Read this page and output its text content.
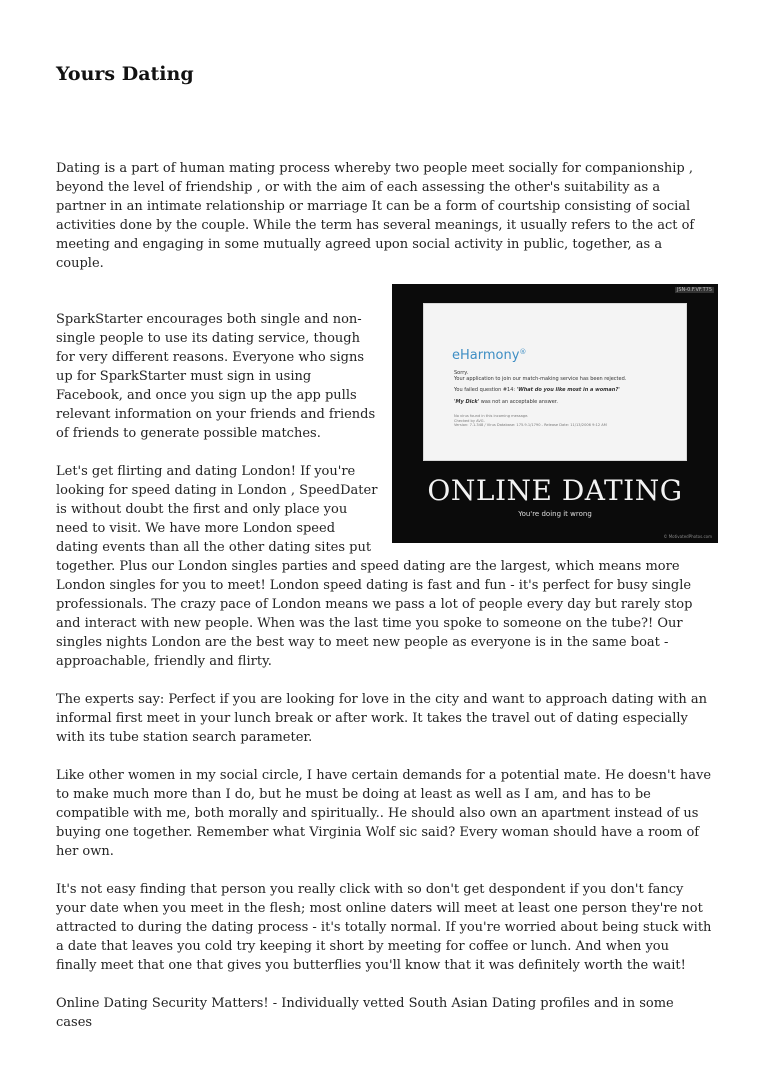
Yours Dating

Dating is a part of human mating process whereby two people meet socially for companionship , beyond the level of friendship , or with the aim of each assessing the other's suitability as a partner in an intimate relationship or marriage It can be a form of courtship consisting of social activities done by the couple. While the term has several meanings, it usually refers to the act of meeting and engaging in some mutually agreed upon social activity in public, together, as a couple.

JSN-0.F.VF.T75
eHarmony®
Sorry.
Your application to join our match-making service has been rejected.
You failed question #14: 'What do you like most in a woman?'
'My Dick' was not an acceptable answer.
No virus found in this incoming message.
Checked by AVG.
Version: 7.1.348 / Virus Database: 175.9.1/1790 - Release Date: 11/13/2006 9:12 AM
ONLINE DATING
You're doing it wrong
© MotivatedPhotos.com

SparkStarter encourages both single and non-single people to use its dating service, though for very different reasons. Everyone who signs up for SparkStarter must sign in using Facebook, and once you sign up the app pulls relevant information on your friends and friends of friends to generate possible matches.

Let's get flirting and dating London! If you're looking for speed dating in London , SpeedDater is without doubt the first and only place you need to visit. We have more London speed dating events than all the other dating sites put together. Plus our London singles parties and speed dating are the largest, which means more London singles for you to meet! London speed dating is fast and fun - it's perfect for busy single professionals. The crazy pace of London means we pass a lot of people every day but rarely stop and interact with new people. When was the last time you spoke to someone on the tube?! Our singles nights London are the best way to meet new people as everyone is in the same boat - approachable, friendly and flirty.

The experts say: Perfect if you are looking for love in the city and want to approach dating with an informal first meet in your lunch break or after work. It takes the travel out of dating especially with its tube station search parameter.

Like other women in my social circle, I have certain demands for a potential mate. He doesn't have to make much more than I do, but he must be doing at least as well as I am, and has to be compatible with me, both morally and spiritually.. He should also own an apartment instead of us buying one together. Remember what Virginia Wolf sic said? Every woman should have a room of her own.

It's not easy finding that person you really click with so don't get despondent if you don't fancy your date when you meet in the flesh; most online daters will meet at least one person they're not attracted to during the dating process - it's totally normal. If you're worried about being stuck with a date that leaves you cold try keeping it short by meeting for coffee or lunch. And when you finally meet that one that gives you butterflies you'll know that it was definitely worth the wait!

Online Dating Security Matters! - Individually vetted South Asian Dating profiles and in some cases
